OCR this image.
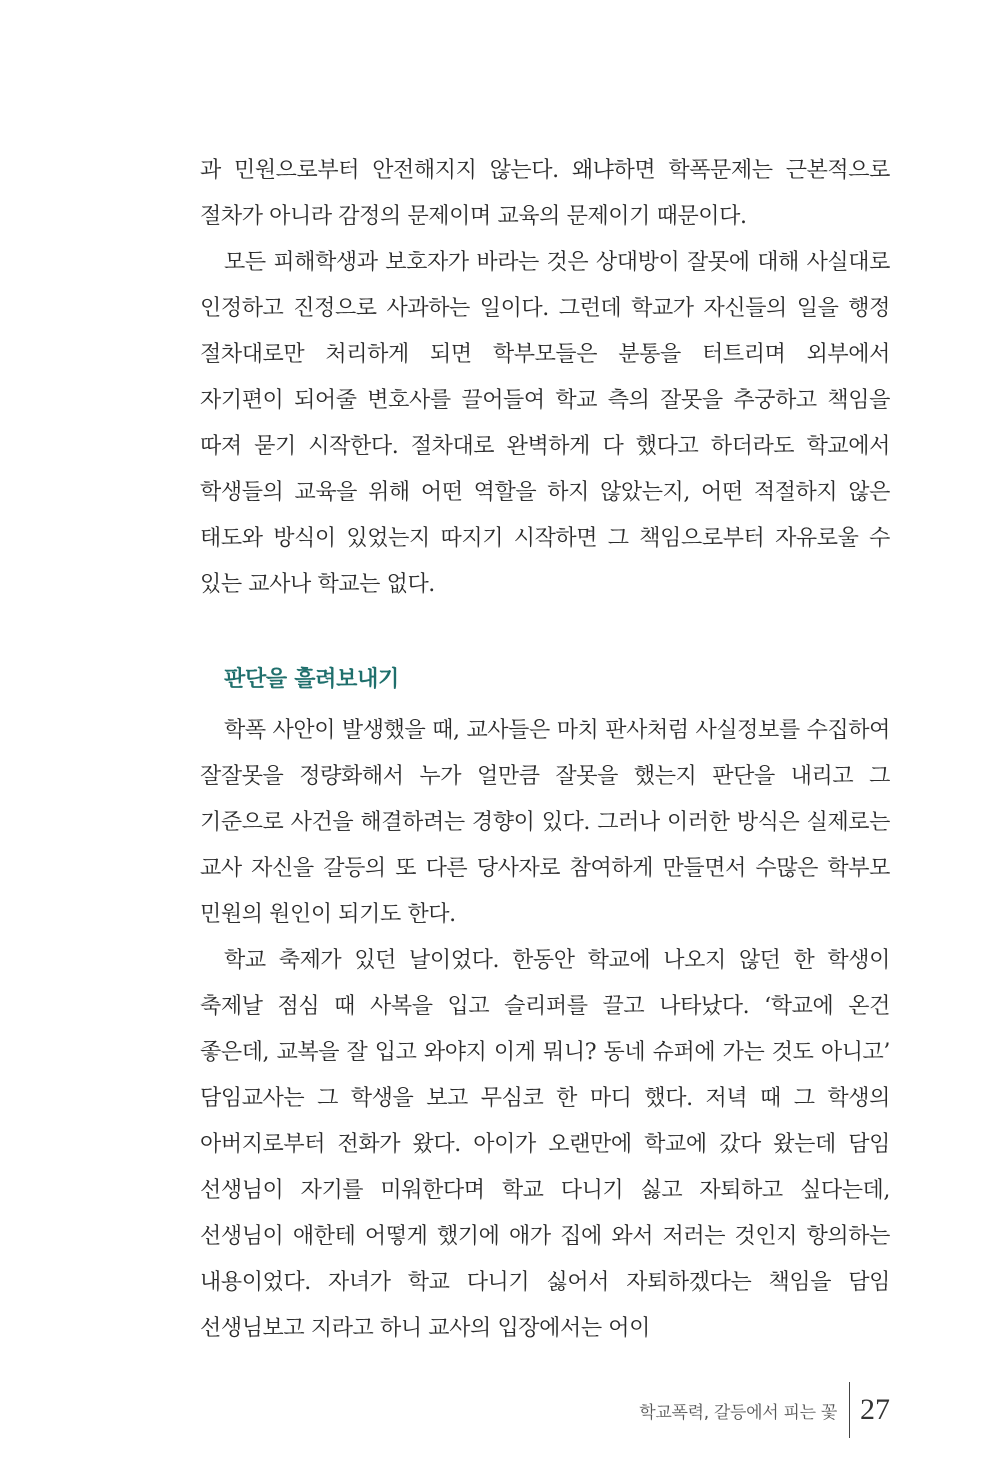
과 민원으로부터 안전해지지 않는다. 왜냐하면 학폭문제는 근본적으로 절차가 아니라 감정의 문제이며 교육의 문제이기 때문이다.

모든 피해학생과 보호자가 바라는 것은 상대방이 잘못에 대해 사실대로 인정하고 진정으로 사과하는 일이다. 그런데 학교가 자신들의 일을 행정 절차대로만 처리하게 되면 학부모들은 분통을 터트리며 외부에서 자기편이 되어줄 변호사를 끌어들여 학교 측의 잘못을 추궁하고 책임을 따져 묻기 시작한다. 절차대로 완벽하게 다 했다고 하더라도 학교에서 학생들의 교육을 위해 어떤 역할을 하지 않았는지, 어떤 적절하지 않은 태도와 방식이 있었는지 따지기 시작하면 그 책임으로부터 자유로울 수 있는 교사나 학교는 없다.

판단을 흘려보내기

학폭 사안이 발생했을 때, 교사들은 마치 판사처럼 사실정보를 수집하여 잘잘못을 정량화해서 누가 얼만큼 잘못을 했는지 판단을 내리고 그 기준으로 사건을 해결하려는 경향이 있다. 그러나 이러한 방식은 실제로는 교사 자신을 갈등의 또 다른 당사자로 참여하게 만들면서 수많은 학부모 민원의 원인이 되기도 한다.

학교 축제가 있던 날이었다. 한동안 학교에 나오지 않던 한 학생이 축제날 점심 때 사복을 입고 슬리퍼를 끌고 나타났다. ‘학교에 온건 좋은데, 교복을 잘 입고 와야지 이게 뭐니? 동네 슈퍼에 가는 것도 아니고’ 담임교사는 그 학생을 보고 무심코 한 마디 했다. 저녁 때 그 학생의 아버지로부터 전화가 왔다. 아이가 오랜만에 학교에 갔다 왔는데 담임 선생님이 자기를 미워한다며 학교 다니기 싫고 자퇴하고 싶다는데, 선생님이 애한테 어떻게 했기에 애가 집에 와서 저러는 것인지 항의하는 내용이었다. 자녀가 학교 다니기 싫어서 자퇴하겠다는 책임을 담임 선생님보고 지라고 하니 교사의 입장에서는 어이

학교폭력, 갈등에서 피는 꽃 27
